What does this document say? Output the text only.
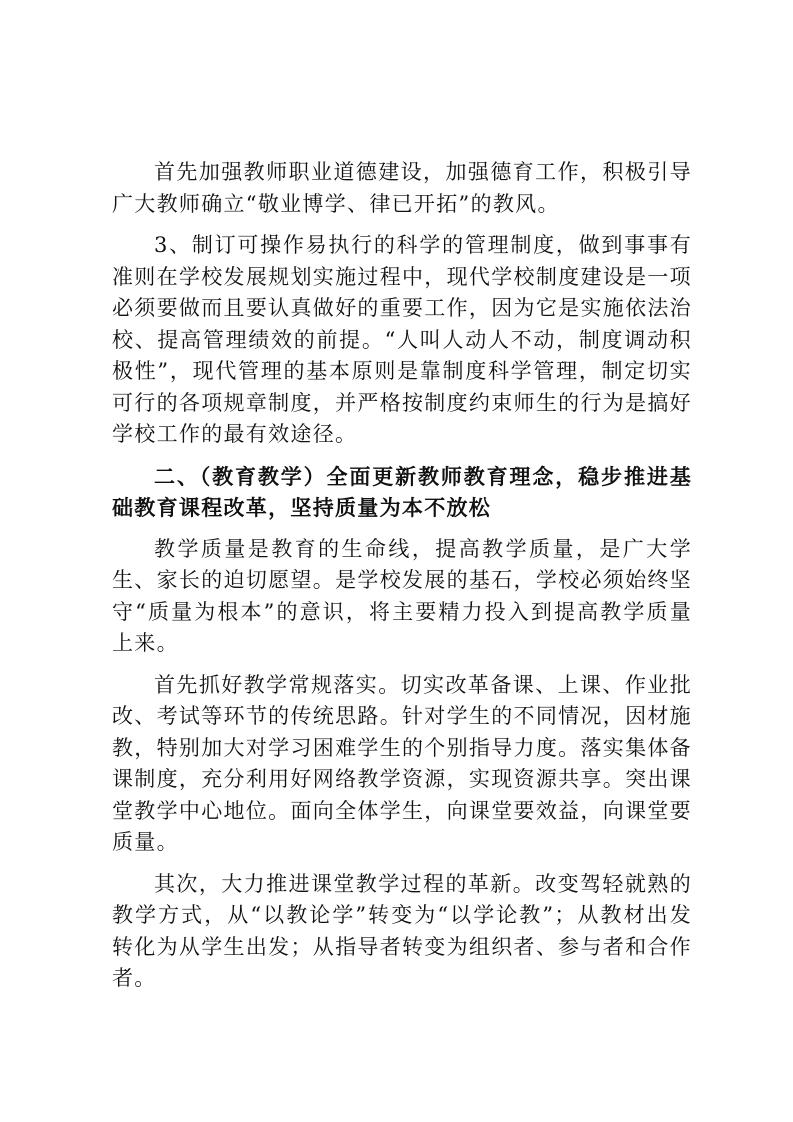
首先加强教师职业道德建设，加强德育工作，积极引导广大教师确立“敬业博学、律已开拓”的教风。

3、制订可操作易执行的科学的管理制度，做到事事有准则在学校发展规划实施过程中，现代学校制度建设是一项必须要做而且要认真做好的重要工作，因为它是实施依法治校、提高管理绩效的前提。“人叫人动人不动，制度调动积极性”，现代管理的基本原则是靠制度科学管理，制定切实可行的各项规章制度，并严格按制度约束师生的行为是搞好学校工作的最有效途径。

二、（教育教学）全面更新教师教育理念，稳步推进基础教育课程改革，坚持质量为本不放松

教学质量是教育的生命线，提高教学质量，是广大学生、家长的迫切愿望。是学校发展的基石，学校必须始终坚守“质量为根本”的意识，将主要精力投入到提高教学质量上来。

首先抓好教学常规落实。切实改革备课、上课、作业批改、考试等环节的传统思路。针对学生的不同情况，因材施教，特别加大对学习困难学生的个别指导力度。落实集体备课制度，充分利用好网络教学资源，实现资源共享。突出课堂教学中心地位。面向全体学生，向课堂要效益，向课堂要质量。

其次，大力推进课堂教学过程的革新。改变驾轻就熟的教学方式，从“以教论学”转变为“以学论教”；从教材出发转化为从学生出发；从指导者转变为组织者、参与者和合作者。
